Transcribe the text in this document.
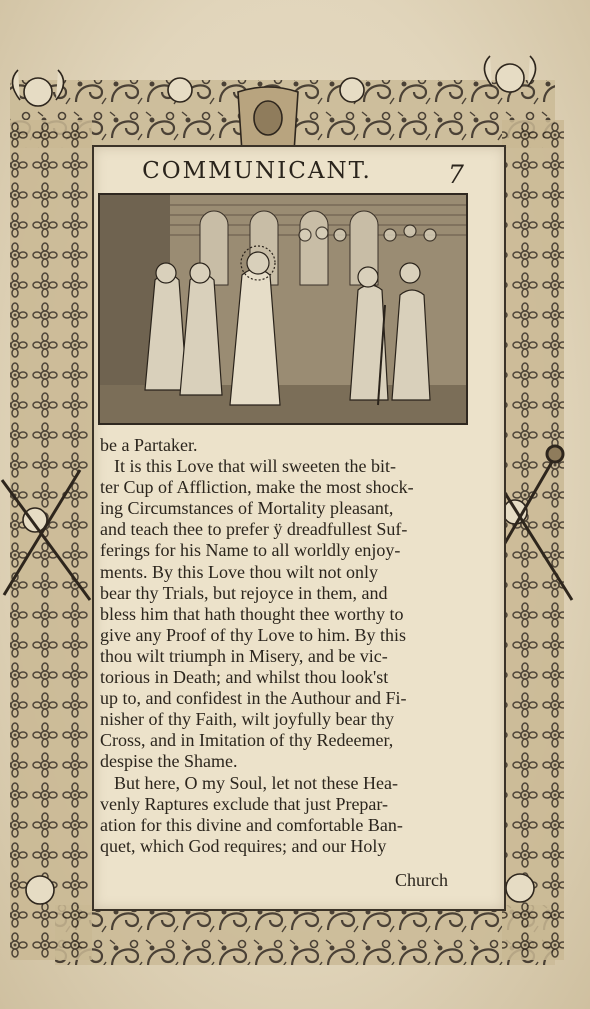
COMMUNICANT.	7
be a Partaker.
It is this Love that will sweeten the bit-
ter Cup of Affliction, make the most shock-
ing Circumstances of Mortality pleasant,
and teach thee to prefer ÿ dreadfullest Suf-
ferings for his Name to all worldly enjoy-
ments. By this Love thou wilt not only
bear thy Trials, but rejoyce in them, and
bless him that hath thought thee worthy to
give any Proof of thy Love to him. By this
thou wilt triumph in Misery, and be vic-
torious in Death; and whilst thou look'st
up to, and confidest in the Authour and Fi-
nisher of thy Faith, wilt joyfully bear thy
Cross, and in Imitation of thy Redeemer,
despise the Shame.
But here, O my Soul, let not these Hea-
venly Raptures exclude that just Prepar-
ation for this divine and comfortable Ban-
quet, which God requires; and our Holy
Church
